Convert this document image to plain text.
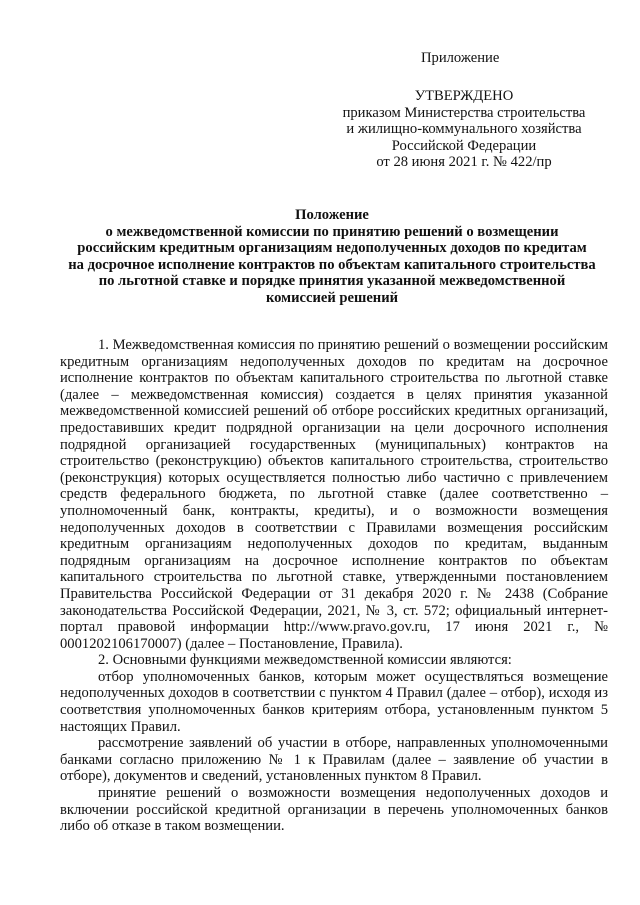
Приложение

УТВЕРЖДЕНО
приказом Министерства строительства
и жилищно-коммунального хозяйства
Российской Федерации
от 28 июня 2021 г. № 422/пр
Положение
о межведомственной комиссии по принятию решений о возмещении
российским кредитным организациям недополученных доходов по кредитам
на досрочное исполнение контрактов по объектам капитального строительства
по льготной ставке и порядке принятия указанной межведомственной
комиссией решений

1. Межведомственная комиссия по принятию решений о возмещении российским кредитным организациям недополученных доходов по кредитам на досрочное исполнение контрактов по объектам капитального строительства по льготной ставке (далее – межведомственная комиссия) создается в целях принятия указанной межведомственной комиссией решений об отборе российских кредитных организаций, предоставивших кредит подрядной организации на цели досрочного исполнения подрядной организацией государственных (муниципальных) контрактов на строительство (реконструкцию) объектов капитального строительства, строительство (реконструкция) которых осуществляется полностью либо частично с привлечением средств федерального бюджета, по льготной ставке (далее соответственно – уполномоченный банк, контракты, кредиты), и о возможности возмещения недополученных доходов в соответствии с Правилами возмещения российским кредитным организациям недополученных доходов по кредитам, выданным подрядным организациям на досрочное исполнение контрактов по объектам капитального строительства по льготной ставке, утвержденными постановлением Правительства Российской Федерации от 31 декабря 2020 г. № 2438 (Собрание законодательства Российской Федерации, 2021, № 3, ст. 572; официальный интернет-портал правовой информации http://www.pravo.gov.ru, 17 июня 2021 г., № 0001202106170007) (далее – Постановление, Правила).

2. Основными функциями межведомственной комиссии являются:

отбор уполномоченных банков, которым может осуществляться возмещение недополученных доходов в соответствии с пунктом 4 Правил (далее – отбор), исходя из соответствия уполномоченных банков критериям отбора, установленным пунктом 5 настоящих Правил.

рассмотрение заявлений об участии в отборе, направленных уполномоченными банками согласно приложению № 1 к Правилам (далее – заявление об участии в отборе), документов и сведений, установленных пунктом 8 Правил.

принятие решений о возможности возмещения недополученных доходов и включении российской кредитной организации в перечень уполномоченных банков либо об отказе в таком возмещении.
